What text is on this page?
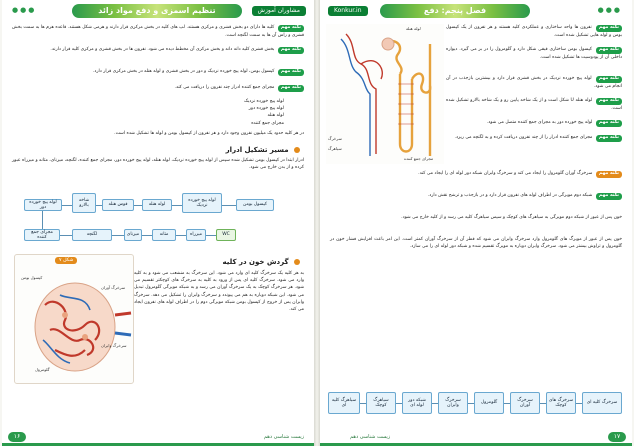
●●●	تنظیم اسمزی و دفع مواد زائد	مشاوران آموزش
نکته مهم کلیه ها دارای دو بخش قشری و مرکزی هستند. لپ های کلیه در بخش مرکزی قرار دارند و هرمی شکل هستند. قاعده هرم ها به سمت بخش قشری و راس آن ها به سمت لگنچه است.
نکته مهم بخش قشری کلیه دانه دانه و بخش مرکزی آن مخطط دیده می شود. نفرون ها در بخش قشری و مرکزی کلیه قرار دارند.
نکته مهم کپسول بومن، لوله پیچ خورده نزدیک و دور در بخش قشری و لوله هنله در بخش مرکزی قرار دارد.
نکته مهم مجرای جمع کننده ادرار چند نفرون را دریافت می کند.
لوله پیچ خورده نزدیک
لوله پیچ خورده دور
لوله هنله
مجرای جمع کننده
در هر کلیه حدود یک میلیون نفرون وجود دارد و هر نفرون از کپسول بومن و لوله ها تشکیل شده است.
مسیر تشکیل ادرار
ادرار ابتدا در کپسول بومن تشکیل شده سپس از لوله پیچ خورده نزدیک، لوله هنله، لوله پیچ خورده دور، مجرای جمع کننده، لگنچه، میزنای، مثانه و میزراه عبور کرده و از بدن خارج می شود.
کپسول بومن
لوله پیچ خورده نزدیک
لوله هنله
قوس هنله
شاخه بالارو
لوله پیچ خورده دور
مجرای جمع کننده
لگنچه	میزنای	مثانه	میزراه	WC
شکل ۷
سرخرگ آوران
سرخرگ وابران
گلومرول
کپسول بومن
گردش خون در کلیه
به هر کلیه یک سرخرگ کلیه ای وارد می شود. این سرخرگ به منشعب می شود و به کلیه وارد می شود. سرخرگ کلیه ای پس از ورود به کلیه به سرخرگ های کوچکتر تقسیم می شود. هر سرخرگ کوچک به یک سرخرگ آوران می رسد و به شبکه مویرگی گلومرول تبدیل می شود. این شبکه دوباره به هم می پیوندد و سرخرگ وابران را تشکیل می دهد. سرخرگ وابران پس از خروج از کپسول بومن شبکه مویرگی دوم را در اطراف لوله های نفرون ایجاد می کند.
زیست شناسی دهم
۱۶
●●●
فصل پنجم: دفع
Konkur.in
سرخرگ
سیاهرگ
لوله هنله
مجرای جمع کننده
نکته مهم نفرون ها واحد ساختاری و عملکردی کلیه هستند و هر نفرون از یک کپسول بومن و لوله هایی تشکیل شده است.
نکته مهم کپسول بومن ساختاری قیفی شکل دارد و گلومرول را در بر می گیرد. دیواره داخلی آن از پودوسیت ها تشکیل شده است.
نکته مهم لوله پیچ خورده نزدیک در بخش قشری قرار دارد و بیشترین بازجذب در آن انجام می شود.
نکته مهم لوله هنله U شکل است و از یک شاخه پایین رو و یک شاخه بالارو تشکیل شده است.
نکته مهم لوله پیچ خورده دور به مجرای جمع کننده متصل می شود.
نکته مهم مجرای جمع کننده ادرار را از چند نفرون دریافت کرده و به لگنچه می ریزد.
نکته مهم سرخرگ آوران گلومرول را ایجاد می کند و سرخرگ وابران شبکه دور لوله ای را ایجاد می کند.
نکته مهم شبکه دوم مویرگی در اطراف لوله های نفرون قرار دارد و در بازجذب و ترشح نقش دارد.
خون پس از عبور از شبکه دوم مویرگی به سیاهرگ های کوچک و سپس سیاهرگ کلیه می رسد و از کلیه خارج می شود.
خون پس از عبور از مویرگ های گلومرول وارد سرخرگ وابران می شود که قطر آن از سرخرگ آوران کمتر است. این امر باعث افزایش فشار خون در گلومرول و تراوش بیشتر می شود. سرخرگ وابران دوباره به مویرگ تقسیم شده و شبکه دور لوله ای را می سازد.
سرخرگ کلیه ای
سرخرگ های کوچک
سرخرگ آوران
گلومرول
سرخرگ وابران
شبکه دور لوله ای
سیاهرگ کوچک
سیاهرگ کلیه ای
زیست شناسی دهم	۱۷
